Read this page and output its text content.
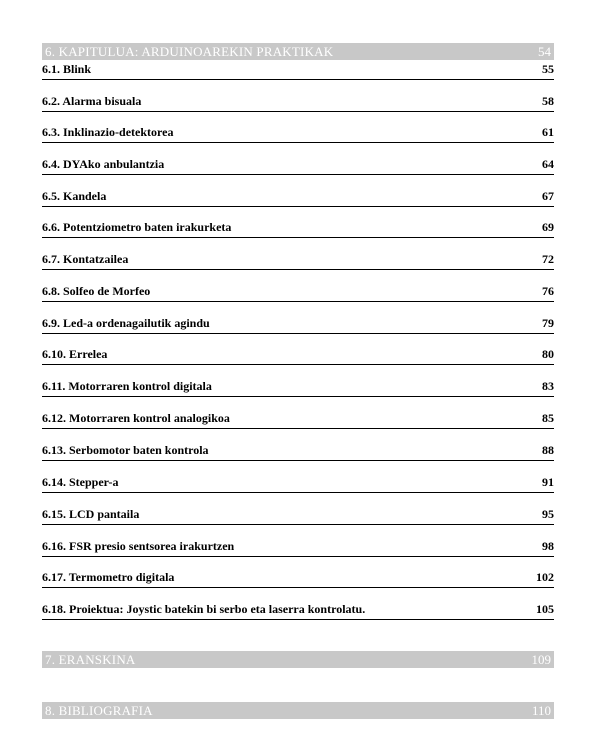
6. KAPITULUA: ARDUINOAREKIN PRAKTIKAK	54
6.1. Blink	55
6.2. Alarma bisuala	58
6.3. Inklinazio-detektorea	61
6.4. DYAko anbulantzia	64
6.5. Kandela	67
6.6. Potentziometro baten irakurketa	69
6.7. Kontatzailea	72
6.8. Solfeo de Morfeo	76
6.9. Led-a ordenagailutik agindu	79
6.10. Errelea	80
6.11. Motorraren kontrol digitala	83
6.12. Motorraren kontrol analogikoa	85
6.13. Serbomotor baten kontrola	88
6.14. Stepper-a	91
6.15. LCD pantaila	95
6.16. FSR presio sentsorea irakurtzen	98
6.17. Termometro digitala	102
6.18. Proiektua: Joystic batekin bi serbo eta laserra kontrolatu.	105
7. ERANSKINA	109
8. BIBLIOGRAFIA	110
